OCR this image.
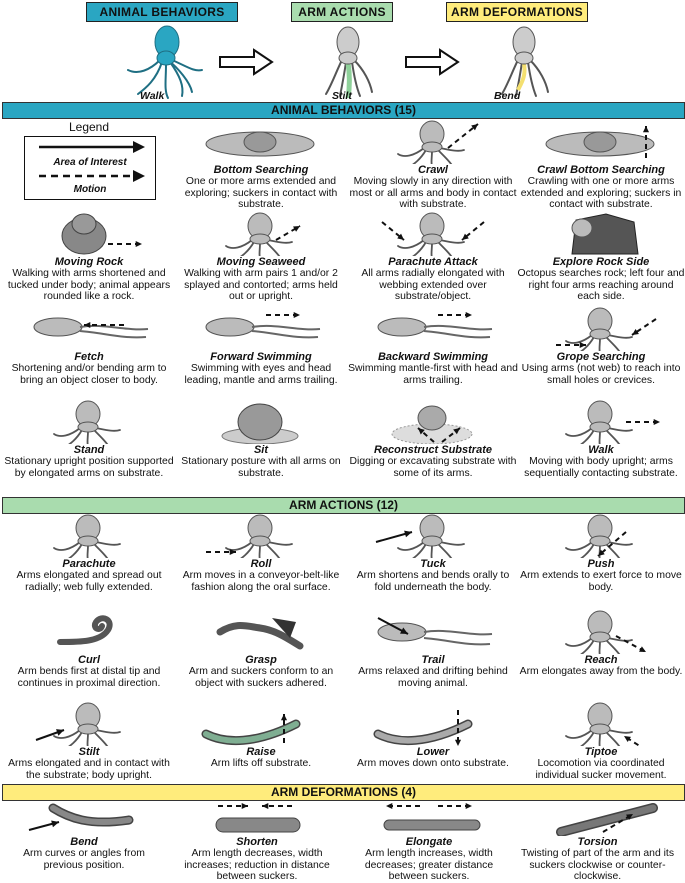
ANIMAL BEHAVIORS	ARM ACTIONS	ARM DEFORMATIONS
Walk	Stilt	Bend
ANIMAL BEHAVIORS (15)
Legend
Area of Interest
Motion
Bottom Searching
One or more arms extended and exploring; suckers in contact with substrate.
Crawl
Moving slowly in any direction with most or all arms and body in contact with substrate.
Crawl Bottom Searching
Crawling with one or more arms extended and exploring; suckers in contact with substrate.
Moving Rock
Walking with arms shortened and tucked under body; animal appears rounded like a rock.
Moving Seaweed
Walking with arm pairs 1 and/or 2 splayed and contorted; arms held out or upright.
Parachute Attack
All arms radially elongated with webbing extended over substrate/object.
Explore Rock Side
Octopus searches rock; left four and right four arms reaching around each side.
Fetch
Shortening and/or bending arm to bring an object closer to body.
Forward Swimming
Swimming with eyes and head leading, mantle and arms trailing.
Backward Swimming
Swimming mantle-first with head and arms trailing.
Grope Searching
Using arms (not web) to reach into small holes or crevices.
Stand
Stationary upright position supported by elongated arms on substrate.
Sit
Stationary posture with all arms on substrate.
Reconstruct Substrate
Digging or excavating substrate with some of its arms.
Walk
Moving with body upright; arms sequentially contacting substrate.
ARM ACTIONS (12)
Parachute
Arms elongated and spread out radially; web fully extended.
Roll
Arm moves in a conveyor-belt-like fashion along the oral surface.
Tuck
Arm shortens and bends orally to fold underneath the body.
Push
Arm extends to exert force to move body.
Curl
Arm bends first at distal tip and continues in proximal direction.
Grasp
Arm and suckers conform to an object with suckers adhered.
Trail
Arms relaxed and drifting behind moving animal.
Reach
Arm elongates away from the body.
Stilt
Arms elongated and in contact with the substrate; body upright.
Raise
Arm lifts off substrate.
Lower
Arm moves down onto substrate.
Tiptoe
Locomotion via coordinated individual sucker movement.
ARM DEFORMATIONS (4)
Bend
Arm curves or angles from previous position.
Shorten
Arm length decreases, width increases; reduction in distance between suckers.
Elongate
Arm length increases, width decreases; greater distance between suckers.
Torsion
Twisting of part of the arm and its suckers clockwise or counter-clockwise.
